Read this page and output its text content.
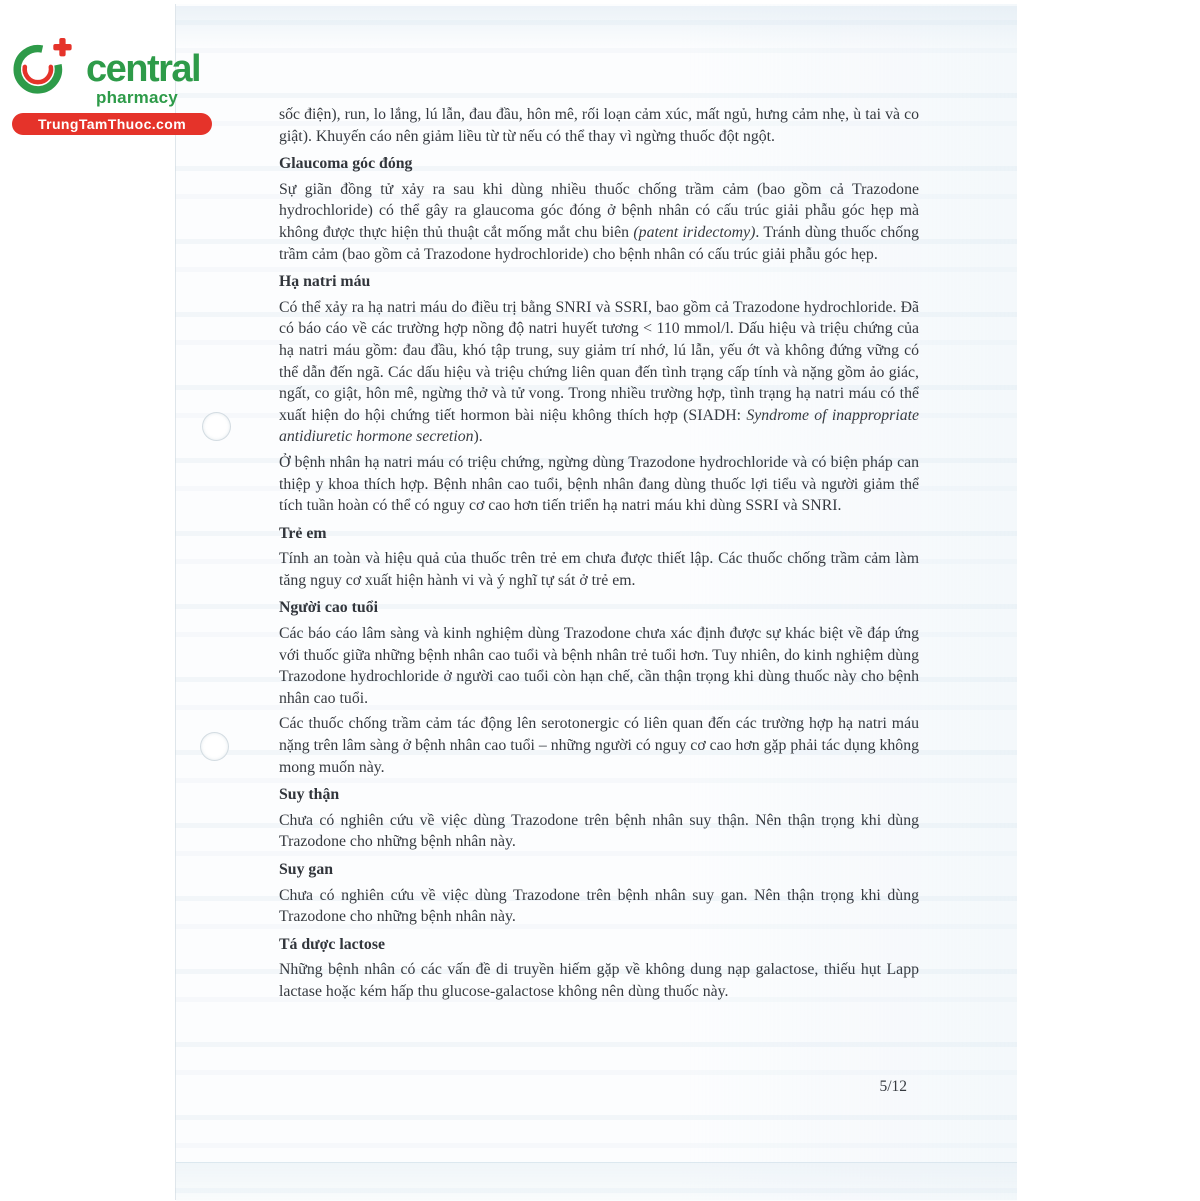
sốc điện), run, lo lắng, lú lẫn, đau đầu, hôn mê, rối loạn cảm xúc, mất ngủ, hưng cảm nhẹ, ù tai và co giật). Khuyến cáo nên giảm liều từ từ nếu có thể thay vì ngừng thuốc đột ngột.

Glaucoma góc đóng

Sự giãn đồng tử xảy ra sau khi dùng nhiều thuốc chống trầm cảm (bao gồm cả Trazodone hydrochloride) có thể gây ra glaucoma góc đóng ở bệnh nhân có cấu trúc giải phẫu góc hẹp mà không được thực hiện thủ thuật cắt mống mắt chu biên (patent iridectomy). Tránh dùng thuốc chống trầm cảm (bao gồm cả Trazodone hydrochloride) cho bệnh nhân có cấu trúc giải phẫu góc hẹp.

Hạ natri máu

Có thể xảy ra hạ natri máu do điều trị bằng SNRI và SSRI, bao gồm cả Trazodone hydrochloride. Đã có báo cáo về các trường hợp nồng độ natri huyết tương < 110 mmol/l. Dấu hiệu và triệu chứng của hạ natri máu gồm: đau đầu, khó tập trung, suy giảm trí nhớ, lú lẫn, yếu ớt và không đứng vững có thể dẫn đến ngã. Các dấu hiệu và triệu chứng liên quan đến tình trạng cấp tính và nặng gồm ảo giác, ngất, co giật, hôn mê, ngừng thở và tử vong. Trong nhiều trường hợp, tình trạng hạ natri máu có thể xuất hiện do hội chứng tiết hormon bài niệu không thích hợp (SIADH: Syndrome of inappropriate antidiuretic hormone secretion).

Ở bệnh nhân hạ natri máu có triệu chứng, ngừng dùng Trazodone hydrochloride và có biện pháp can thiệp y khoa thích hợp. Bệnh nhân cao tuổi, bệnh nhân đang dùng thuốc lợi tiểu và người giảm thể tích tuần hoàn có thể có nguy cơ cao hơn tiến triển hạ natri máu khi dùng SSRI và SNRI.

Trẻ em

Tính an toàn và hiệu quả của thuốc trên trẻ em chưa được thiết lập. Các thuốc chống trầm cảm làm tăng nguy cơ xuất hiện hành vi và ý nghĩ tự sát ở trẻ em.

Người cao tuổi

Các báo cáo lâm sàng và kinh nghiệm dùng Trazodone chưa xác định được sự khác biệt về đáp ứng với thuốc giữa những bệnh nhân cao tuổi và bệnh nhân trẻ tuổi hơn. Tuy nhiên, do kinh nghiệm dùng Trazodone hydrochloride ở người cao tuổi còn hạn chế, cần thận trọng khi dùng thuốc này cho bệnh nhân cao tuổi.

Các thuốc chống trầm cảm tác động lên serotonergic có liên quan đến các trường hợp hạ natri máu nặng trên lâm sàng ở bệnh nhân cao tuổi – những người có nguy cơ cao hơn gặp phải tác dụng không mong muốn này.

Suy thận

Chưa có nghiên cứu về việc dùng Trazodone trên bệnh nhân suy thận. Nên thận trọng khi dùng Trazodone cho những bệnh nhân này.

Suy gan

Chưa có nghiên cứu về việc dùng Trazodone trên bệnh nhân suy gan. Nên thận trọng khi dùng Trazodone cho những bệnh nhân này.

Tá dược lactose

Những bệnh nhân có các vấn đề di truyền hiếm gặp về không dung nạp galactose, thiếu hụt Lapp lactase hoặc kém hấp thu glucose-galactose không nên dùng thuốc này.

5/12
central
pharmacy
TrungTamThuoc.com
